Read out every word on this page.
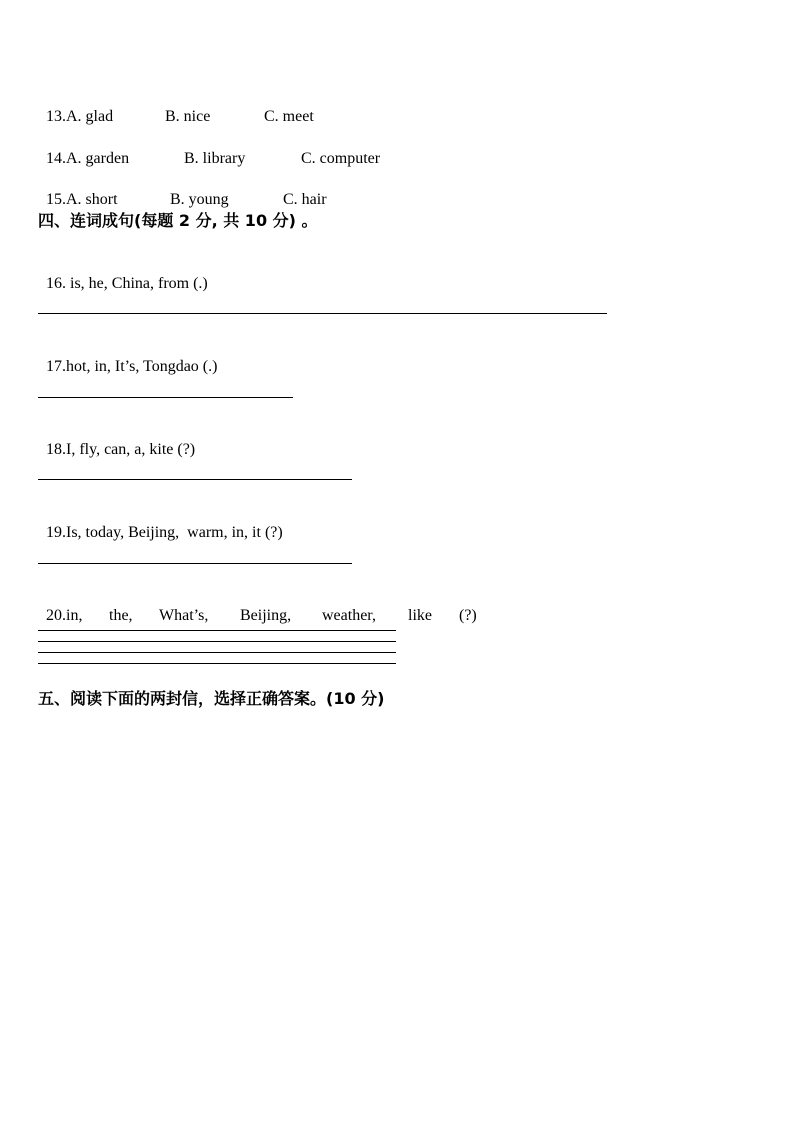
13.A. glad	B. nice	C. meet

14.A. garden	B. library	C. computer

15.A. short	B. young	C. hair

四、连词成句(每题 2 分, 共 10 分) 。

16. is, he, China, from (.)

17.hot, in, It’s, Tongdao (.)

18.I, fly, can, a, kite (?)

19.Is, today, Beijing,  warm, in, it (?)

20.in, the, What’s, Beijing, weather, like (?)

五、阅读下面的两封信，选择正确答案。(10 分)
